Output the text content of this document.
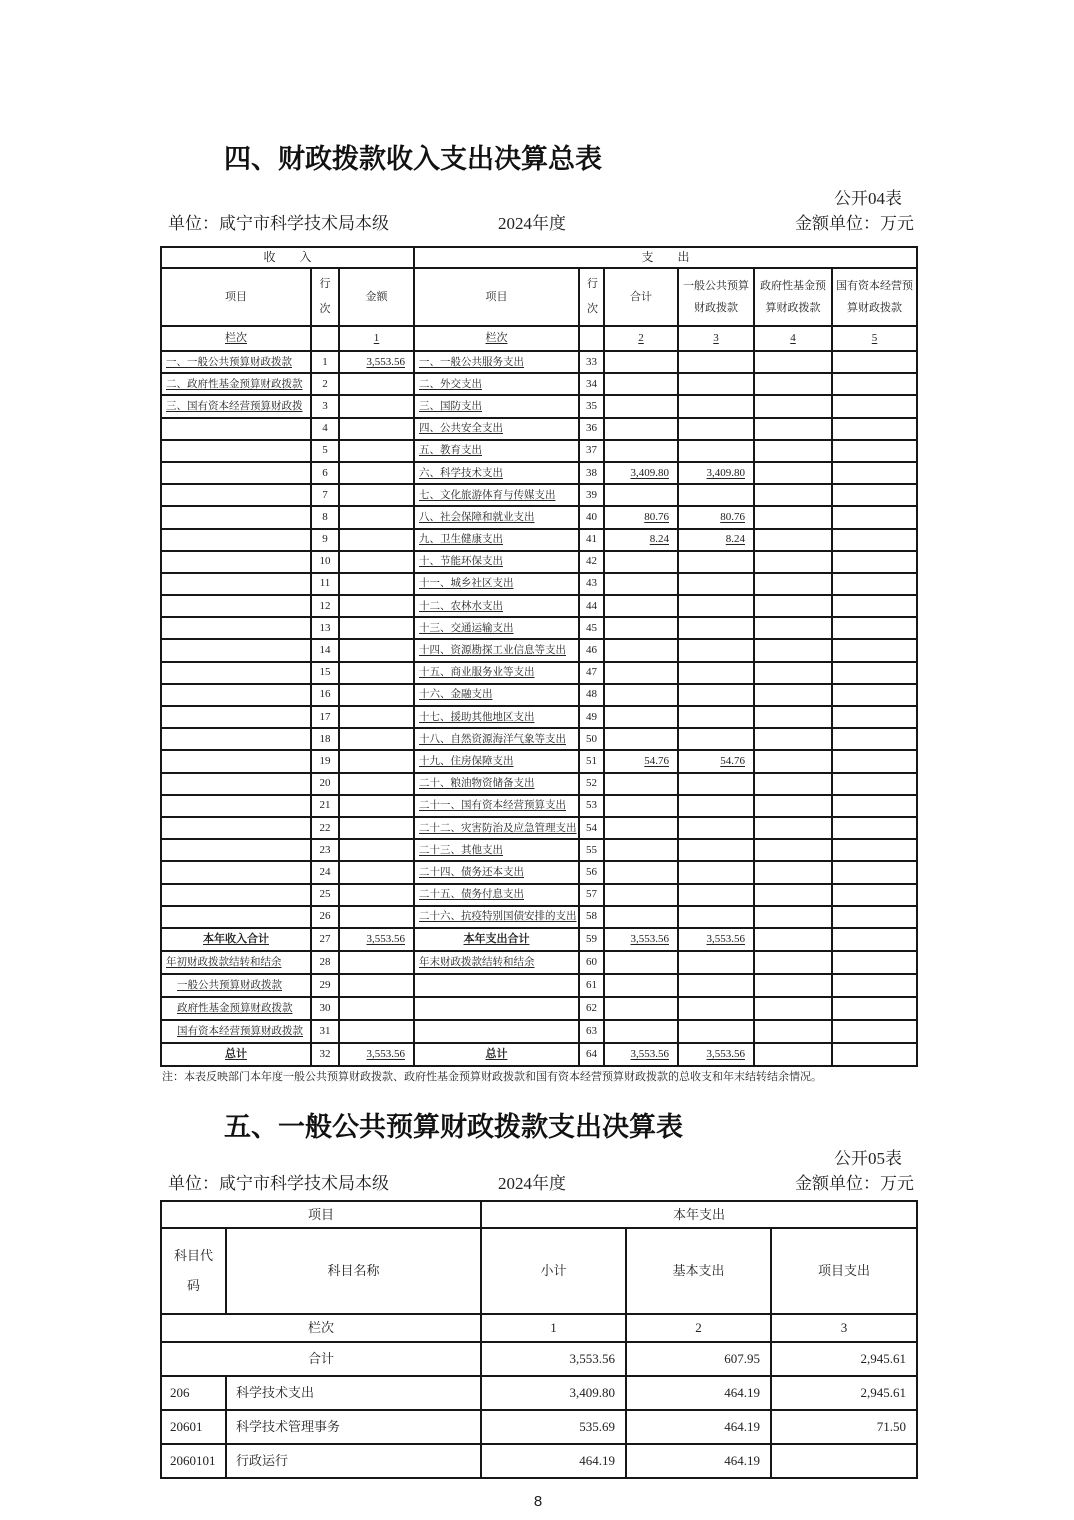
四、财政拨款收入支出决算总表
公开04表
单位：咸宁市科学技术局本级	2024年度	金额单位：万元
收　　入			支　　出					
项目	行次	金额	项目	行次	合计	一般公共预算 财政拨款	政府性基金预算财政拨款	国有资本经营预算财政拨款
栏次		1	栏次		2	3	4	5
一、一般公共预算财政拨款	1	3,553.56	一、一般公共服务支出	33				
二、政府性基金预算财政拨款	2		二、外交支出	34				
三、国有资本经营预算财政拨	3		三、国防支出	35				
	4		四、公共安全支出	36				
	5		五、教育支出	37				
	6		六、科学技术支出	38	3,409.80	3,409.80		
	7		七、文化旅游体育与传媒支出	39				
	8		八、社会保障和就业支出	40	80.76	80.76		
	9		九、卫生健康支出	41	8.24	8.24		
	10		十、节能环保支出	42				
	11		十一、城乡社区支出	43				
	12		十二、农林水支出	44				
	13		十三、交通运输支出	45				
	14		十四、资源勘探工业信息等支出	46				
	15		十五、商业服务业等支出	47				
	16		十六、金融支出	48				
	17		十七、援助其他地区支出	49				
	18		十八、自然资源海洋气象等支出	50				
	19		十九、住房保障支出	51	54.76	54.76		
	20		二十、粮油物资储备支出	52				
	21		二十一、国有资本经营预算支出	53				
	22		二十二、灾害防治及应急管理支出	54				
	23		二十三、其他支出	55				
	24		二十四、债务还本支出	56				
	25		二十五、债务付息支出	57				
	26		二十六、抗疫特别国债安排的支出	58				
本年收入合计	27	3,553.56	本年支出合计	59	3,553.56	3,553.56		
年初财政拨款结转和结余	28		年末财政拨款结转和结余	60				
一般公共预算财政拨款	29			61				
政府性基金预算财政拨款	30			62				
国有资本经营预算财政拨款	31			63				
总计	32	3,553.56	总计	64	3,553.56	3,553.56		
注：本表反映部门本年度一般公共预算财政拨款、政府性基金预算财政拨款和国有资本经营预算财政拨款的总收支和年末结转结余情况。
五、一般公共预算财政拨款支出决算表
公开05表
单位：咸宁市科学技术局本级	2024年度	金额单位：万元
项目		本年支出		
科目代码	科目名称	小计	基本支出	项目支出
栏次		1	2	3
合计		3,553.56	607.95	2,945.61
206	科学技术支出	3,409.80	464.19	2,945.61
20601	科学技术管理事务	535.69	464.19	71.50
2060101	行政运行	464.19	464.19	
8
